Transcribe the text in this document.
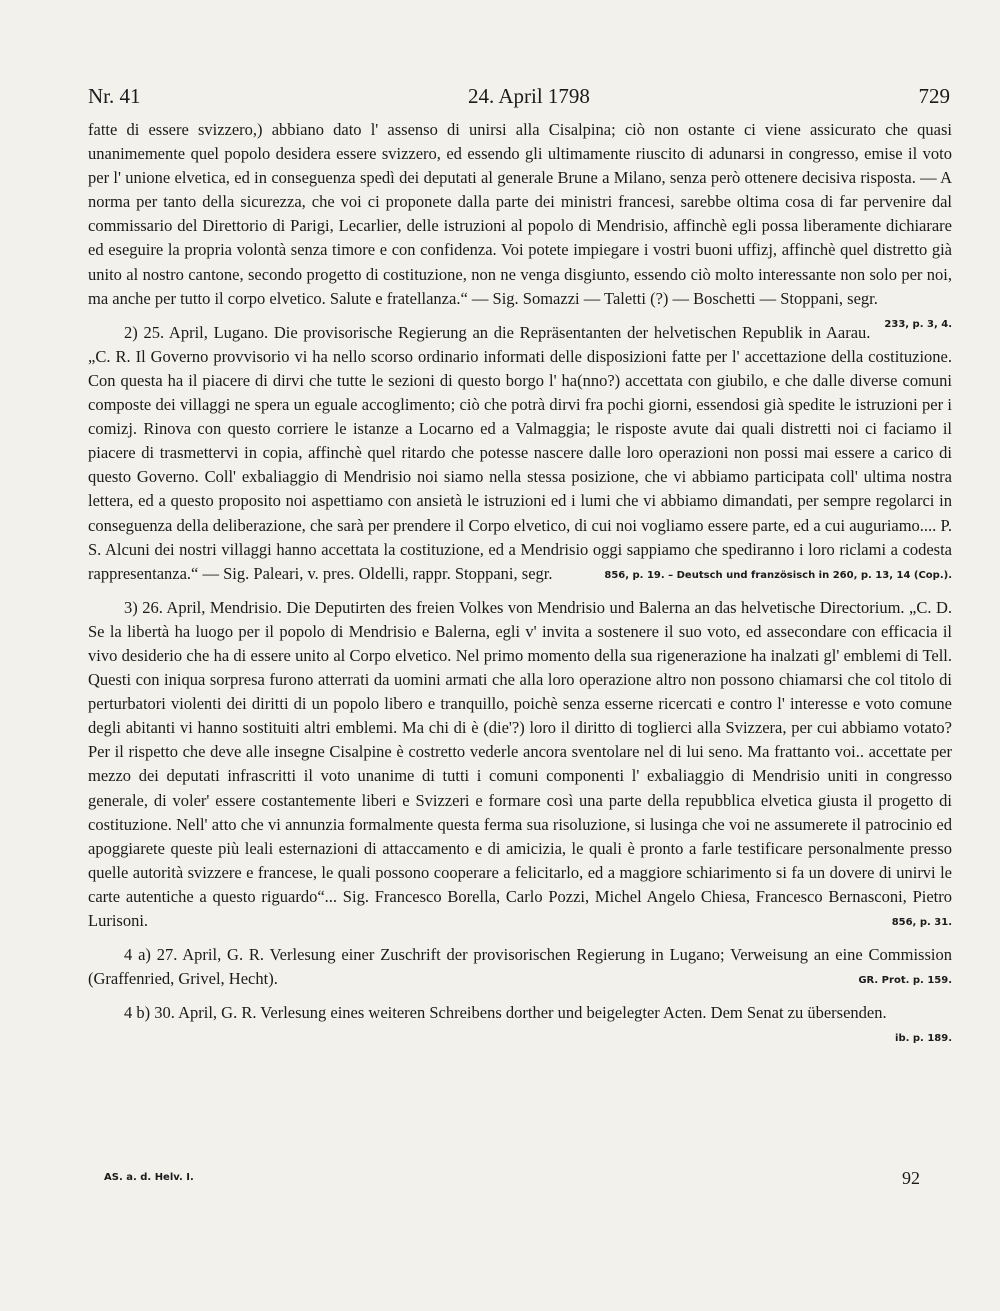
Nr. 41	24. April 1798	729

fatte di essere svizzero,) abbiano dato l' assenso di unirsi alla Cisalpina; ciò non ostante ci viene assicurato che quasi unanimemente quel popolo desidera essere svizzero, ed essendo gli ultimamente riuscito di adunarsi in congresso, emise il voto per l' unione elvetica, ed in conseguenza spedì dei deputati al generale Brune a Milano, senza però ottenere decisiva risposta. — A norma per tanto della sicurezza, che voi ci proponete dalla parte dei ministri francesi, sarebbe oltima cosa di far pervenire dal commissario del Direttorio di Parigi, Lecarlier, delle istruzioni al popolo di Mendrisio, affinchè egli possa liberamente dichiarare ed eseguire la propria volontà senza timore e con confidenza. Voi potete impiegare i vostri buoni uffizj, affinchè quel distretto già unito al nostro cantone, secondo progetto di costituzione, non ne venga disgiunto, essendo ciò molto interessante non solo per noi, ma anche per tutto il corpo elvetico. Salute e fratellanza.“ — Sig. Somazzi — Taletti (?) — Boschetti — Stoppani, segr.
233, p. 3, 4.

2) 25. April, Lugano. Die provisorische Regierung an die Repräsentanten der helvetischen Republik in Aarau. „C. R. Il Governo provvisorio vi ha nello scorso ordinario informati delle disposizioni fatte per l' accettazione della costituzione. Con questa ha il piacere di dirvi che tutte le sezioni di questo borgo l' ha(nno?) accettata con giubilo, e che dalle diverse comuni composte dei villaggi ne spera un eguale accoglimento; ciò che potrà dirvi fra pochi giorni, essendosi già spedite le istruzioni per i comizj. Rinova con questo corriere le istanze a Locarno ed a Valmaggia; le risposte avute dai quali distretti noi ci faciamo il piacere di trasmettervi in copia, affinchè quel ritardo che potesse nascere dalle loro operazioni non possi mai essere a carico di questo Governo. Coll' exbaliaggio di Mendrisio noi siamo nella stessa posizione, che vi abbiamo participata coll' ultima nostra lettera, ed a questo proposito noi aspettiamo con ansietà le istruzioni ed i lumi che vi abbiamo dimandati, per sempre regolarci in conseguenza della deliberazione, che sarà per prendere il Corpo elvetico, di cui noi vogliamo essere parte, ed a cui auguriamo.... P. S. Alcuni dei nostri villaggi hanno accettata la costituzione, ed a Mendrisio oggi sappiamo che spediranno i loro riclami a codesta rappresentanza.“ — Sig. Paleari, v. pres. Oldelli, rappr. Stoppani, segr.	856, p. 19. – Deutsch und französisch in 260, p. 13, 14 (Cop.).

3) 26. April, Mendrisio. Die Deputirten des freien Volkes von Mendrisio und Balerna an das helvetische Directorium. „C. D. Se la libertà ha luogo per il popolo di Mendrisio e Balerna, egli v' invita a sostenere il suo voto, ed assecondare con efficacia il vivo desiderio che ha di essere unito al Corpo elvetico. Nel primo momento della sua rigenerazione ha inalzati gl' emblemi di Tell. Questi con iniqua sorpresa furono atterrati da uomini armati che alla loro operazione altro non possono chiamarsi che col titolo di perturbatori violenti dei diritti di un popolo libero e tranquillo, poichè senza esserne ricercati e contro l' interesse e voto comune degli abitanti vi hanno sostituiti altri emblemi. Ma chi di è (die'?) loro il diritto di toglierci alla Svizzera, per cui abbiamo votato? Per il rispetto che deve alle insegne Cisalpine è costretto vederle ancora sventolare nel di lui seno. Ma frattanto voi.. accettate per mezzo dei deputati infrascritti il voto unanime di tutti i comuni componenti l' exbaliaggio di Mendrisio uniti in congresso generale, di voler' essere costantemente liberi e Svizzeri e formare così una parte della repubblica elvetica giusta il progetto di costituzione. Nell' atto che vi annunzia formalmente questa ferma sua risoluzione, si lusinga che voi ne assumerete il patrocinio ed apoggiarete queste più leali esternazioni di attaccamento e di amicizia, le quali è pronto a farle testificare personalmente presso quelle autorità svizzere e francese, le quali possono cooperare a felicitarlo, ed a maggiore schiarimento si fa un dovere di unirvi le carte autentiche a questo riguardo“... Sig. Francesco Borella, Carlo Pozzi, Michel Angelo Chiesa, Francesco Bernasconi, Pietro Lurisoni.	856, p. 31.

4 a) 27. April, G. R. Verlesung einer Zuschrift der provisorischen Regierung in Lugano; Verweisung an eine Commission (Graffenried, Grivel, Hecht).	GR. Prot. p. 159.

4 b) 30. April, G. R. Verlesung eines weiteren Schreibens dorther und beigelegter Acten. Dem Senat zu übersenden.
ib. p. 189.

AS. a. d. Helv. I.	92
